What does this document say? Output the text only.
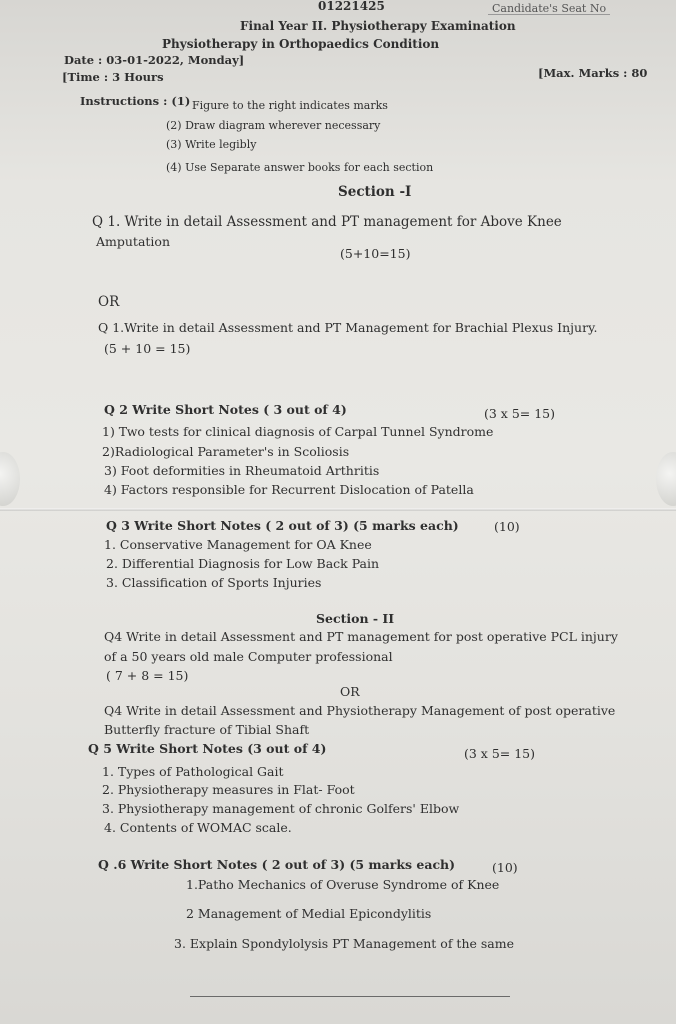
01221425	Candidate's Seat No
Final Year II. Physiotherapy Examination
Physiotherapy in Orthopaedics Condition
Date : 03-01-2022, Monday]
[Time : 3 Hours	[Max. Marks : 80
Instructions : (1) Figure to the right indicates marks
(2) Draw diagram wherever necessary
(3) Write legibly
(4) Use Separate answer books for each section
Section -I
Q 1. Write in detail Assessment and PT management for Above Knee
Amputation
(5+10=15)
OR
Q 1.Write in detail Assessment and PT Management for Brachial Plexus Injury.
(5 + 10 = 15)
Q 2 Write Short Notes ( 3 out of 4)	(3 x 5= 15)
1) Two tests for clinical diagnosis of Carpal Tunnel Syndrome
2)Radiological Parameter's in Scoliosis
3) Foot deformities in Rheumatoid Arthritis
4) Factors responsible for Recurrent Dislocation of Patella
Q 3 Write Short Notes ( 2 out of 3) (5 marks each)	(10)
1. Conservative Management for OA Knee
2. Differential Diagnosis for Low Back Pain
3. Classification of Sports Injuries
Section - II
Q4 Write in detail Assessment and PT management for post operative PCL injury
of a 50 years old male Computer professional
( 7 + 8 = 15)
OR
Q4 Write in detail Assessment and Physiotherapy Management of post operative
Butterfly fracture of Tibial Shaft
Q 5 Write Short Notes (3 out of 4)	(3 x 5= 15)
1. Types of Pathological Gait
2. Physiotherapy measures in Flat- Foot
3. Physiotherapy management of chronic Golfers' Elbow
4. Contents of WOMAC scale.
Q .6 Write Short Notes ( 2 out of 3) (5 marks each)	(10)
1.Patho Mechanics of Overuse Syndrome of Knee
2 Management of Medial Epicondylitis
3. Explain Spondylolysis PT Management of the same
